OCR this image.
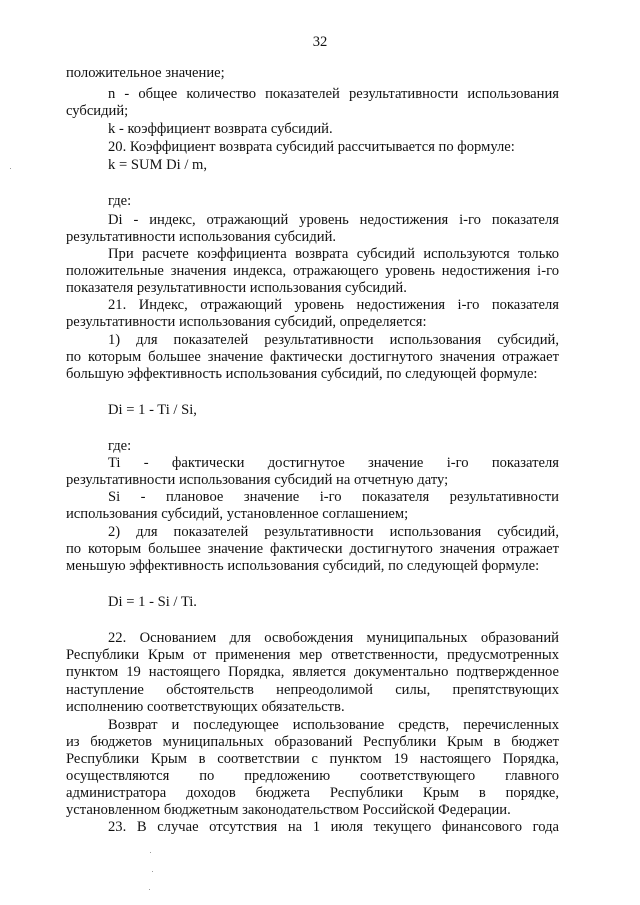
32
положительное значение;
n - общее количество показателей результативности использования
субсидий;
k - коэффициент возврата субсидий.
20. Коэффициент возврата субсидий рассчитывается по формуле:
k = SUM Di / m,
где:
Di - индекс, отражающий уровень недостижения i-го показателя
результативности использования субсидий.
При расчете коэффициента возврата субсидий используются только
положительные значения индекса, отражающего уровень недостижения i-го
показателя результативности использования субсидий.
21. Индекс, отражающий уровень недостижения i-го показателя
результативности использования субсидий, определяется:
1) для показателей результативности использования субсидий,
по которым большее значение фактически достигнутого значения отражает
большую эффективность использования субсидий, по следующей формуле:
Di = 1 - Ti / Si,
где:
Ti - фактически достигнутое значение i-го показателя
результативности использования субсидий на отчетную дату;
Si - плановое значение i-го показателя результативности
использования субсидий, установленное соглашением;
2) для показателей результативности использования субсидий,
по которым большее значение фактически достигнутого значения отражает
меньшую эффективность использования субсидий, по следующей формуле:
Di = 1 - Si / Ti.
22. Основанием для освобождения муниципальных образований
Республики Крым от применения мер ответственности, предусмотренных
пунктом 19 настоящего Порядка, является документально подтвержденное
наступление обстоятельств непреодолимой силы, препятствующих
исполнению соответствующих обязательств.
Возврат и последующее использование средств, перечисленных
из бюджетов муниципальных образований Республики Крым в бюджет
Республики Крым в соответствии с пунктом 19 настоящего Порядка,
осуществляются по предложению соответствующего главного
администратора доходов бюджета Республики Крым в порядке,
установленном бюджетным законодательством Российской Федерации.
23. В случае отсутствия на 1 июля текущего финансового года
